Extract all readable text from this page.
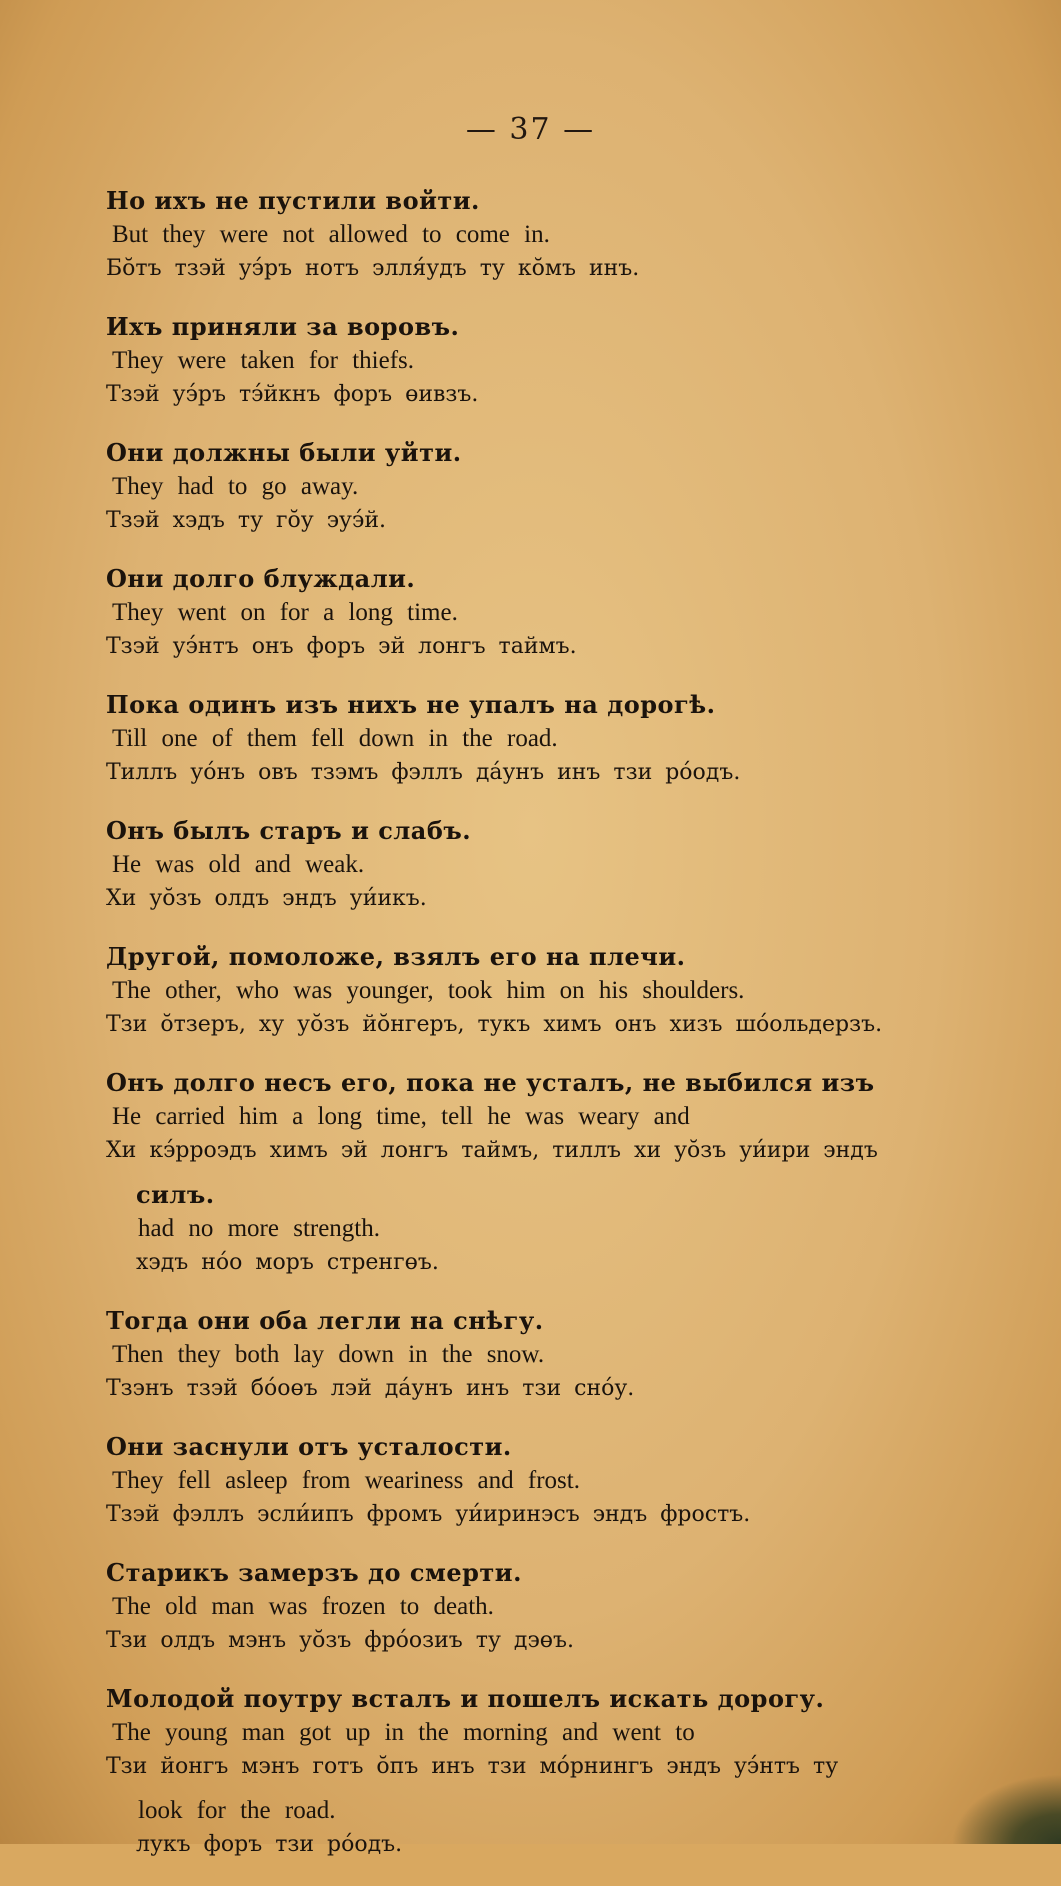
— 37 —
Но ихъ не пустили войти.
But they were not allowed to come in.
Бŏтъ тзэй уэ́ръ нотъ элля́удъ ту кŏмъ инъ.
Ихъ приняли за воровъ.
They were taken for thiefs.
Тзэй уэ́ръ тэ́йкнъ форъ өивзъ.
Они должны были уйти.
They had to go away.
Тзэй хэдъ ту гŏу эуэ́й.
Они долго блуждали.
They went on for a long time.
Тзэй уэ́нтъ онъ форъ эй лонгъ таймъ.
Пока одинъ изъ нихъ не упалъ на дорогѣ.
Till one of them fell down in the road.
Тиллъ уо́нъ овъ тзэмъ фэллъ да́унъ инъ тзи ро́одъ.
Онъ былъ старъ и слабъ.
He was old and weak.
Хи уŏзъ олдъ эндъ уи́икъ.
Другой, помоложе, взялъ его на плечи.
The other, who was younger, took him on his shoulders.
Тзи ŏтзеръ, ху уŏзъ йŏнгеръ, тукъ химъ онъ хизъ шо́ольдерзъ.
Онъ долго несъ его, пока не усталъ, не выбился изъ
He carried him a long time, tell he was weary and
Хи кэ́рроэдъ химъ эй лонгъ таймъ, тиллъ хи уŏзъ уи́ири эндъ
силъ.
had no more strength.
хэдъ но́о моръ стренгөъ.
Тогда они оба легли на снѣгу.
Then they both lay down in the snow.
Тзэнъ тзэй бо́оөъ лэй да́унъ инъ тзи сно́у.
Они заснули отъ усталости.
They fell asleep from weariness and frost.
Тзэй фэллъ эсли́ипъ фромъ уи́иринэсъ эндъ фростъ.
Старикъ замерзъ до смерти.
The old man was frozen to death.
Тзи олдъ мэнъ уŏзъ фро́озиъ ту дэөъ.
Молодой поутру всталъ и пошелъ искать дорогу.
The young man got up in the morning and went to
Тзи йонгъ мэнъ готъ ŏпъ инъ тзи мо́рнингъ эндъ уэ́нтъ ту
look for the road.
лукъ форъ тзи ро́одъ.
